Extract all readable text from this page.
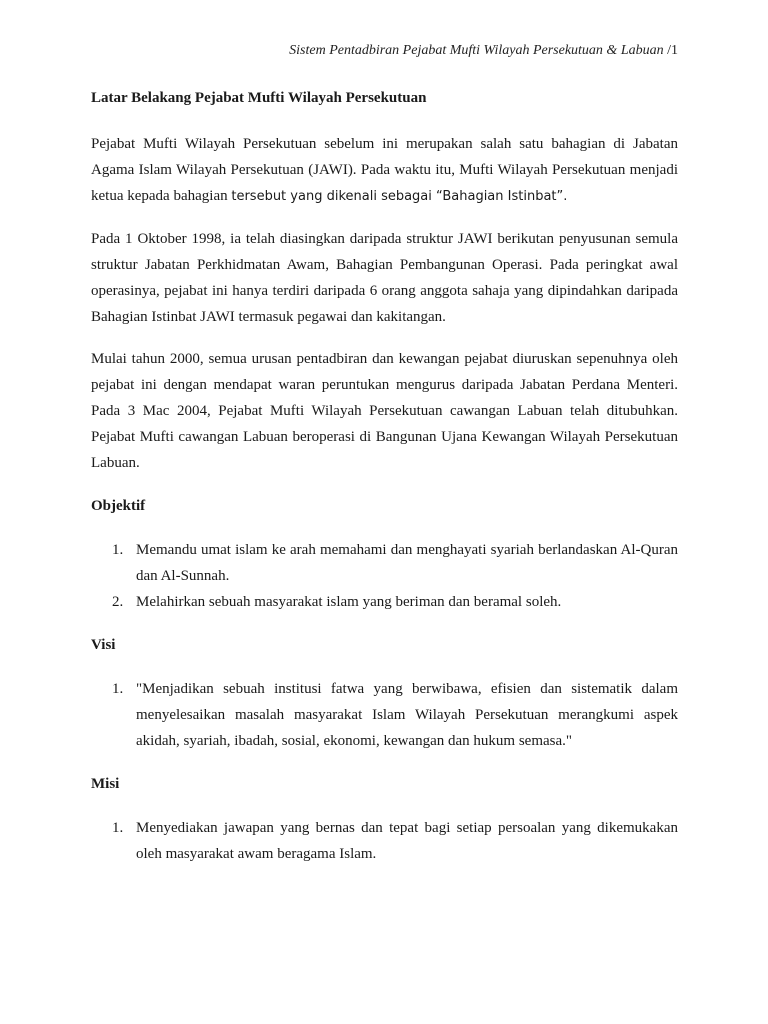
Sistem Pentadbiran Pejabat Mufti Wilayah Persekutuan & Labuan /1
Latar Belakang Pejabat Mufti Wilayah Persekutuan

Pejabat Mufti Wilayah Persekutuan sebelum ini merupakan salah satu bahagian di Jabatan Agama Islam Wilayah Persekutuan (JAWI). Pada waktu itu, Mufti Wilayah Persekutuan menjadi ketua kepada bahagian tersebut yang dikenali sebagai “Bahagian Istinbat”.

Pada 1 Oktober 1998, ia telah diasingkan daripada struktur JAWI berikutan penyusunan semula struktur Jabatan Perkhidmatan Awam, Bahagian Pembangunan Operasi. Pada peringkat awal operasinya, pejabat ini hanya terdiri daripada 6 orang anggota sahaja yang dipindahkan daripada Bahagian Istinbat JAWI termasuk pegawai dan kakitangan.

Mulai tahun 2000, semua urusan pentadbiran dan kewangan pejabat diuruskan sepenuhnya oleh pejabat ini dengan mendapat waran peruntukan mengurus daripada Jabatan Perdana Menteri. Pada 3 Mac 2004, Pejabat Mufti Wilayah Persekutuan cawangan Labuan telah ditubuhkan. Pejabat Mufti cawangan Labuan beroperasi di Bangunan Ujana Kewangan Wilayah Persekutuan Labuan.

Objektif
1. Memandu umat islam ke arah memahami dan menghayati syariah berlandaskan Al-Quran dan Al-Sunnah.
2. Melahirkan sebuah masyarakat islam yang beriman dan beramal soleh.
Visi
1. "Menjadikan sebuah institusi fatwa yang berwibawa, efisien dan sistematik dalam menyelesaikan masalah masyarakat Islam Wilayah Persekutuan merangkumi aspek akidah, syariah, ibadah, sosial, ekonomi, kewangan dan hukum semasa."
Misi
1. Menyediakan jawapan yang bernas dan tepat bagi setiap persoalan yang dikemukakan oleh masyarakat awam beragama Islam.
